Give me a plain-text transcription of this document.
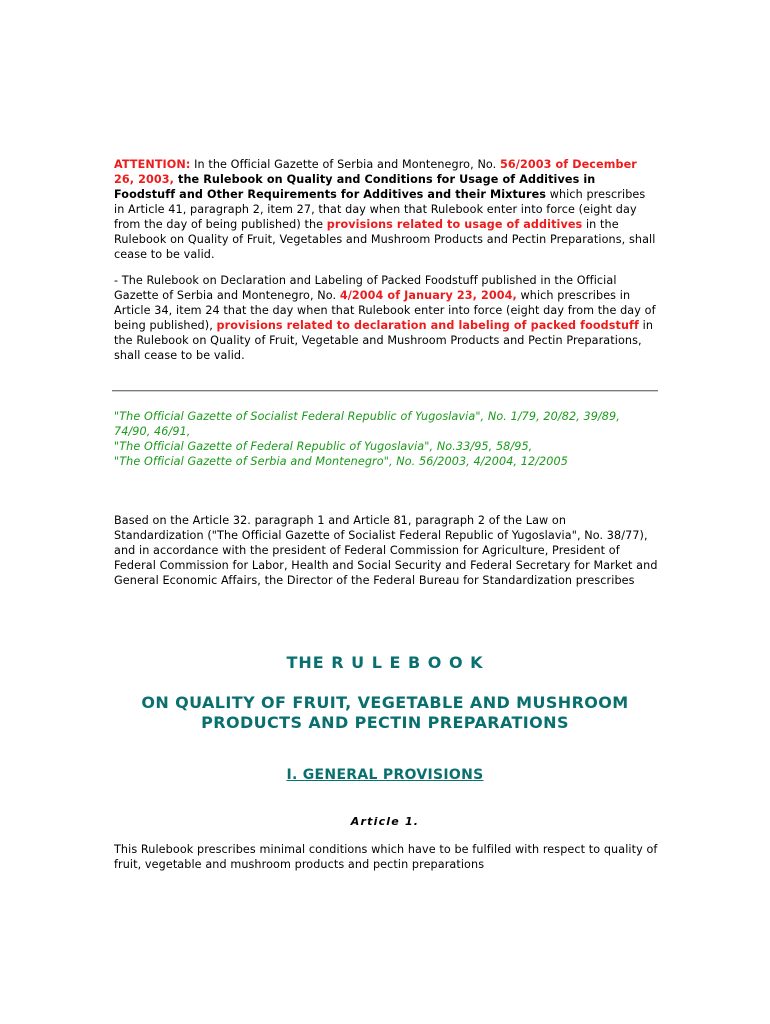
ATTENTION: In the Official Gazette of Serbia and Montenegro, No. 56/2003 of December 26, 2003, the Rulebook on Quality and Conditions for Usage of Additives in Foodstuff and Other Requirements for Additives and their Mixtures which prescribes in Article 41, paragraph 2, item 27, that day when that Rulebook enter into force (eight day from the day of being published) the provisions related to usage of additives in the Rulebook on Quality of Fruit, Vegetables and Mushroom Products and Pectin Preparations, shall cease to be valid.

- The Rulebook on Declaration and Labeling of Packed Foodstuff published in the Official Gazette of Serbia and Montenegro, No. 4/2004 of January 23, 2004, which prescribes in Article 34, item 24 that the day when that Rulebook enter into force (eight day from the day of being published), provisions related to declaration and labeling of packed foodstuff in the Rulebook on Quality of Fruit, Vegetable and Mushroom Products and Pectin Preparations, shall cease to be valid.

"The Official Gazette of Socialist Federal Republic of Yugoslavia", No. 1/79, 20/82, 39/89, 74/90, 46/91,
"The Official Gazette of Federal Republic of Yugoslavia", No.33/95, 58/95,
"The Official Gazette of Serbia and Montenegro", No. 56/2003, 4/2004, 12/2005

Based on the Article 32. paragraph 1 and Article 81, paragraph 2 of the Law on Standardization ("The Official Gazette of Socialist Federal Republic of Yugoslavia", No. 38/77), and in accordance with the president of Federal Commission for Agriculture, President of Federal Commission for Labor, Health and Social Security and Federal Secretary for Market and General Economic Affairs, the Director of the Federal Bureau for Standardization prescribes

THE R U L E B O O K
ON QUALITY OF FRUIT, VEGETABLE AND MUSHROOM PRODUCTS AND PECTIN PREPARATIONS
I. GENERAL PROVISIONS
Article 1.

This Rulebook prescribes minimal conditions which have to be fulfiled with respect to quality of fruit, vegetable and mushroom products and pectin preparations
